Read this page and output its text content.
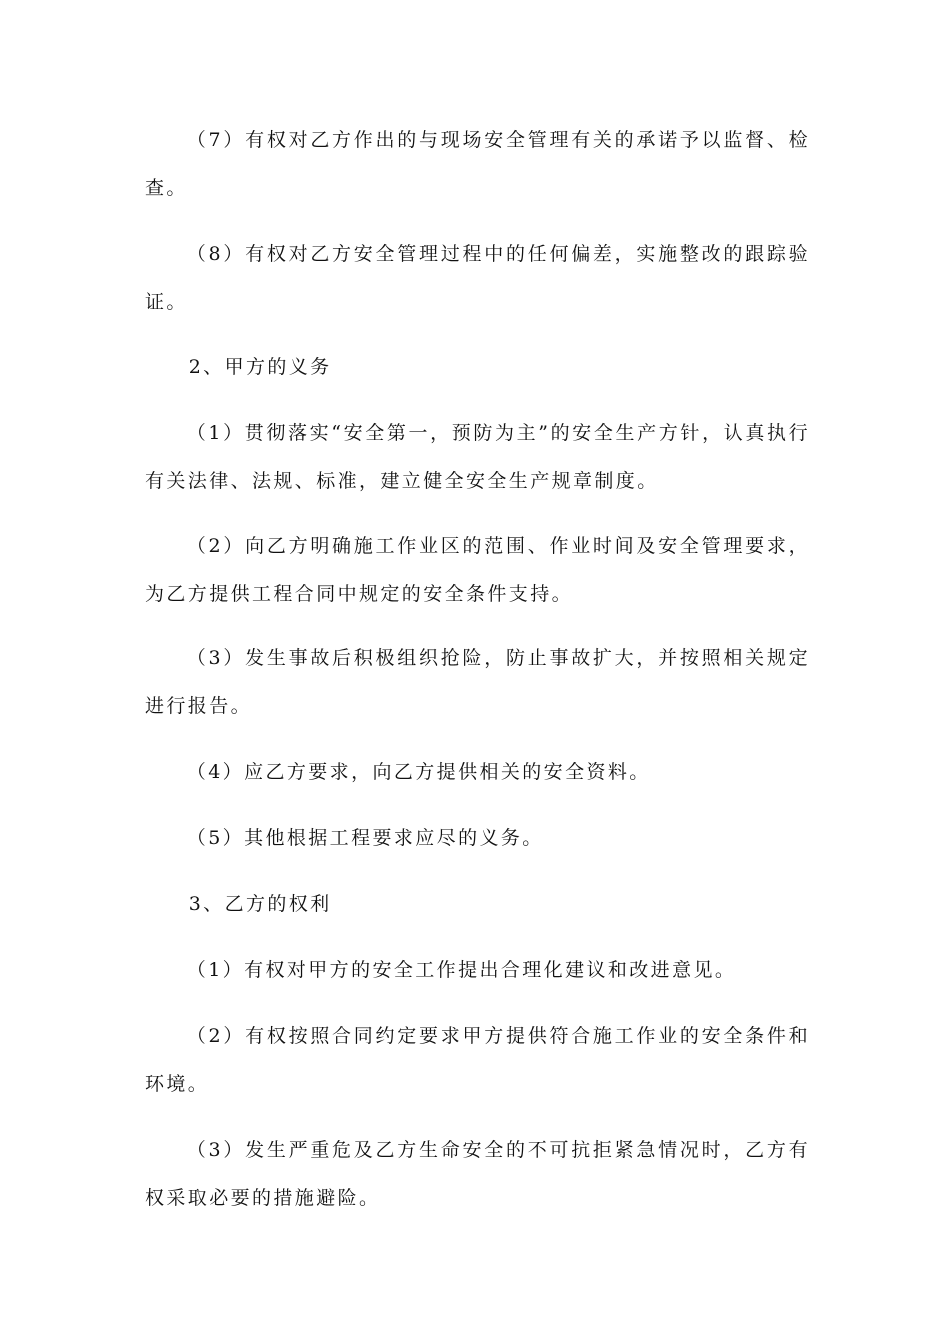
（7）有权对乙方作出的与现场安全管理有关的承诺予以监督、检查。

（8）有权对乙方安全管理过程中的任何偏差，实施整改的跟踪验证。

2、甲方的义务

（1）贯彻落实“安全第一，预防为主”的安全生产方针，认真执行有关法律、法规、标准，建立健全安全生产规章制度。

（2）向乙方明确施工作业区的范围、作业时间及安全管理要求，为乙方提供工程合同中规定的安全条件支持。

（3）发生事故后积极组织抢险，防止事故扩大，并按照相关规定进行报告。

（4）应乙方要求，向乙方提供相关的安全资料。

（5）其他根据工程要求应尽的义务。

3、乙方的权利

（1）有权对甲方的安全工作提出合理化建议和改进意见。

（2）有权按照合同约定要求甲方提供符合施工作业的安全条件和环境。

（3）发生严重危及乙方生命安全的不可抗拒紧急情况时，乙方有权采取必要的措施避险。
